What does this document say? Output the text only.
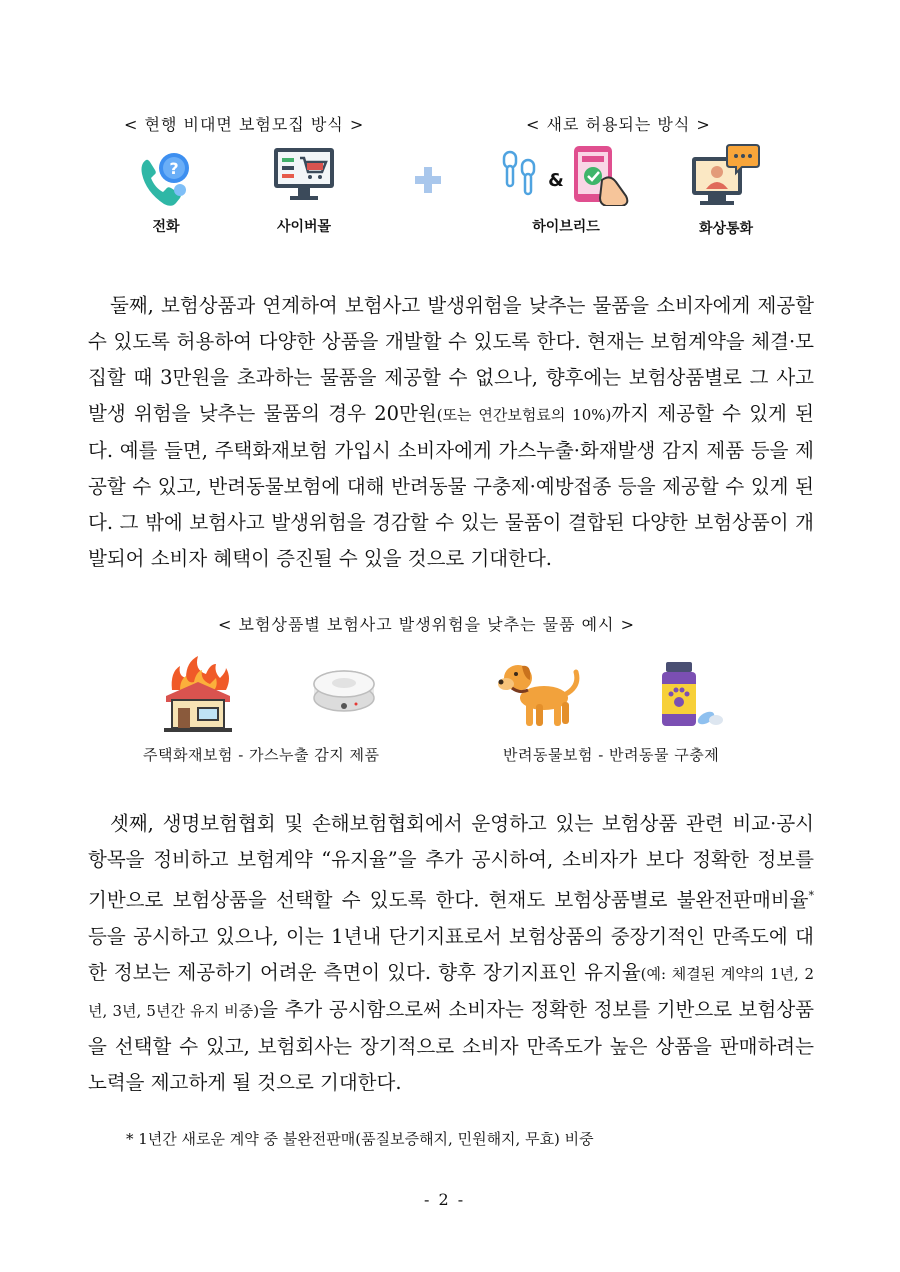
< 현행 비대면 보험모집 방식 >	< 새로 허용되는 방식 >
?
전화	사이버몰
&
하이브리드	화상통화

둘째, 보험상품과 연계하여 보험사고 발생위험을 낮추는 물품을 소비자에게 제공할 수 있도록 허용하여 다양한 상품을 개발할 수 있도록 한다. 현재는 보험계약을 체결·모집할 때 3만원을 초과하는 물품을 제공할 수 없으나, 향후에는 보험상품별로 그 사고발생 위험을 낮추는 물품의 경우 20만원(또는 연간보험료의 10%)까지 제공할 수 있게 된다. 예를 들면, 주택화재보험 가입시 소비자에게 가스누출·화재발생 감지 제품 등을 제공할 수 있고, 반려동물보험에 대해 반려동물 구충제·예방접종 등을 제공할 수 있게 된다. 그 밖에 보험사고 발생위험을 경감할 수 있는 물품이 결합된 다양한 보험상품이 개발되어 소비자 혜택이 증진될 수 있을 것으로 기대한다.

< 보험상품별 보험사고 발생위험을 낮추는 물품 예시 >
주택화재보험 - 가스누출 감지 제품	반려동물보험 - 반려동물 구충제

셋째, 생명보험협회 및 손해보험협회에서 운영하고 있는 보험상품 관련 비교·공시 항목을 정비하고 보험계약 “유지율”을 추가 공시하여, 소비자가 보다 정확한 정보를 기반으로 보험상품을 선택할 수 있도록 한다. 현재도 보험상품별로 불완전판매비율* 등을 공시하고 있으나, 이는 1년내 단기지표로서 보험상품의 중장기적인 만족도에 대한 정보는 제공하기 어려운 측면이 있다. 향후 장기지표인 유지율(예: 체결된 계약의 1년, 2년, 3년, 5년간 유지 비중)을 추가 공시함으로써 소비자는 정확한 정보를 기반으로 보험상품을 선택할 수 있고, 보험회사는 장기적으로 소비자 만족도가 높은 상품을 판매하려는 노력을 제고하게 될 것으로 기대한다.

* 1년간 새로운 계약 중 불완전판매(품질보증해지, 민원해지, 무효) 비중
- 2 -
